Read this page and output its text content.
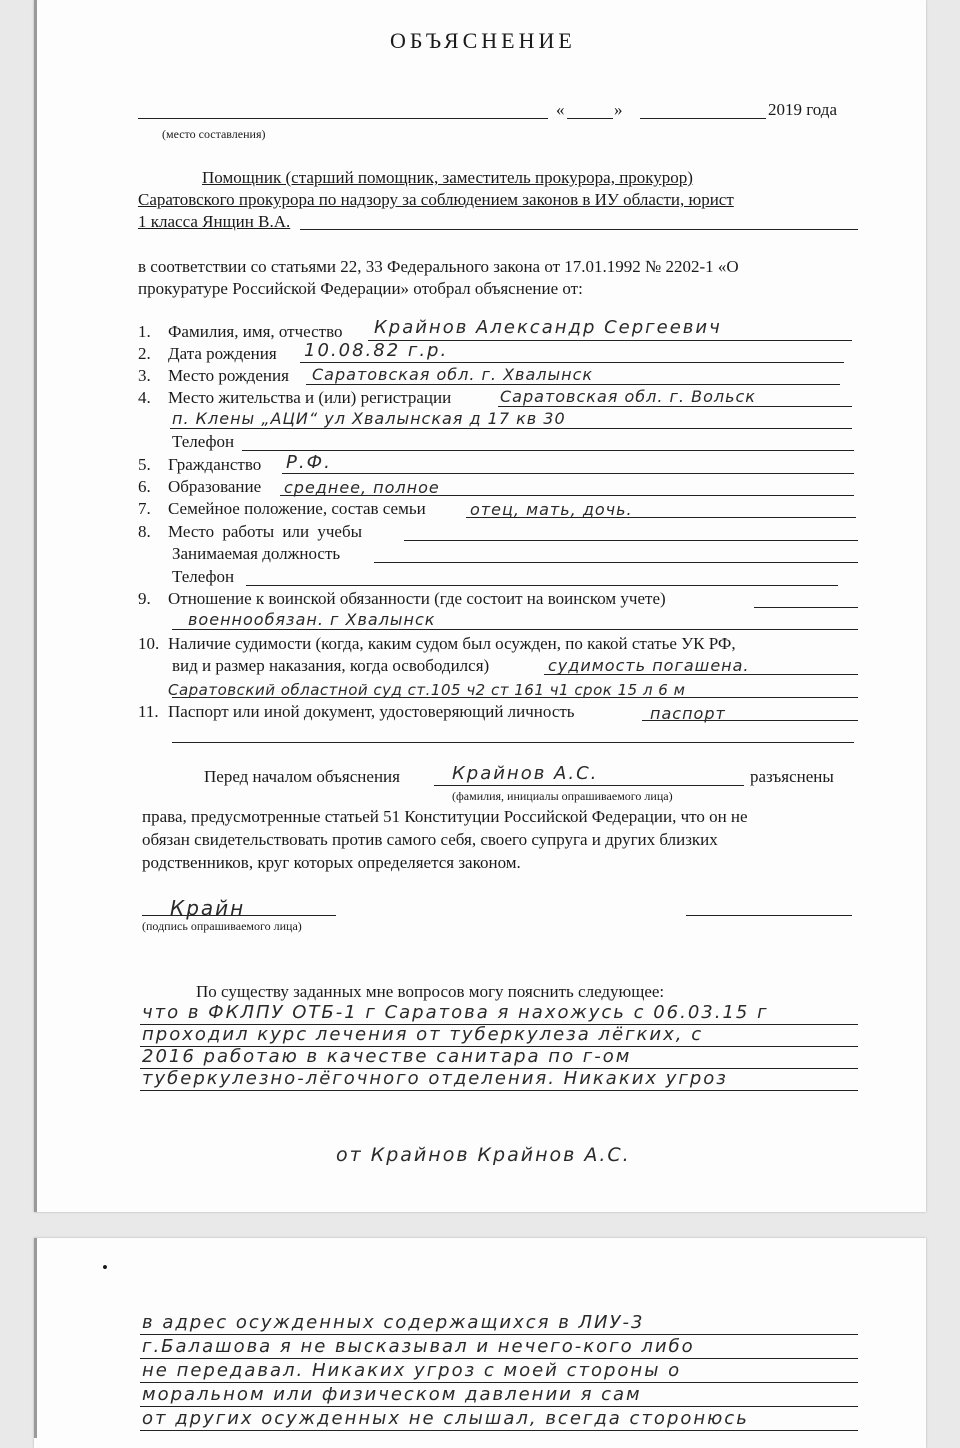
ОБЪЯСНЕНИЕ
«	»	2019 года
(место составления)
Помощник (старший помощник, заместитель прокурора, прокурор)
Саратовского прокурора по надзору за соблюдением законов в ИУ области, юрист
1 класса Янщин В.А.
в соответствии со статьями 22, 33 Федерального закона от 17.01.1992 № 2202-1 «О
прокуратуре Российской Федерации» отобрал объяснение от:
1. Фамилия, имя, отчество Крайнов Александр Сергеевич
2. Дата рождения 10.08.82 г.р.
3. Место рождения Саратовская обл. г. Хвалынск
4. Место жительства и (или) регистрации	Саратовская обл. г. Вольск
п. Клены „АЦИ“ ул Хвалынская д 17 кв 30
Телефон
5. Гражданство Р.Ф.
6. Образование среднее, полное
7. Семейное положение, состав семьи	отец, мать, дочь.
8. Место работы или учебы
Занимаемая должность
Телефон
9. Отношение к воинской обязанности (где состоит на воинском учете)
военнообязан. г Хвалынск
10. Наличие судимости (когда, каким судом был осужден, по какой статье УК РФ,
вид и размер наказания, когда освободился)	судимость погашена.
Саратовский областной суд ст.105 ч2 ст 161 ч1 срок 15 л 6 м
11. Паспорт или иной документ, удостоверяющий личность	паспорт
Перед началом объяснения	Крайнов А.С.	разъяснены
(фамилия, инициалы опрашиваемого лица)
права, предусмотренные статьей 51 Конституции Российской Федерации, что он не
обязан свидетельствовать против самого себя, своего супруга и других близких
родственников, круг которых определяется законом.
Крайн
(подпись опрашиваемого лица)
По существу заданных мне вопросов могу пояснить следующее:
что в ФКЛПУ ОТБ-1 г Саратова я нахожусь с 06.03.15 г
проходил курс лечения от туберкулеза лёгких, с
2016 работаю в качестве санитара по г-ом
туберкулезно-лёгочного отделения. Никаких угроз
от Крайнов Крайнов А.С.
•
в адрес осужденных содержащихся в ЛИУ-3
г.Балашова я не высказывал и нечего-кого либо
не передавал. Никаких угроз с моей стороны о
моральном или физическом давлении я сам
от других осужденных не слышал, всегда сторонюсь
